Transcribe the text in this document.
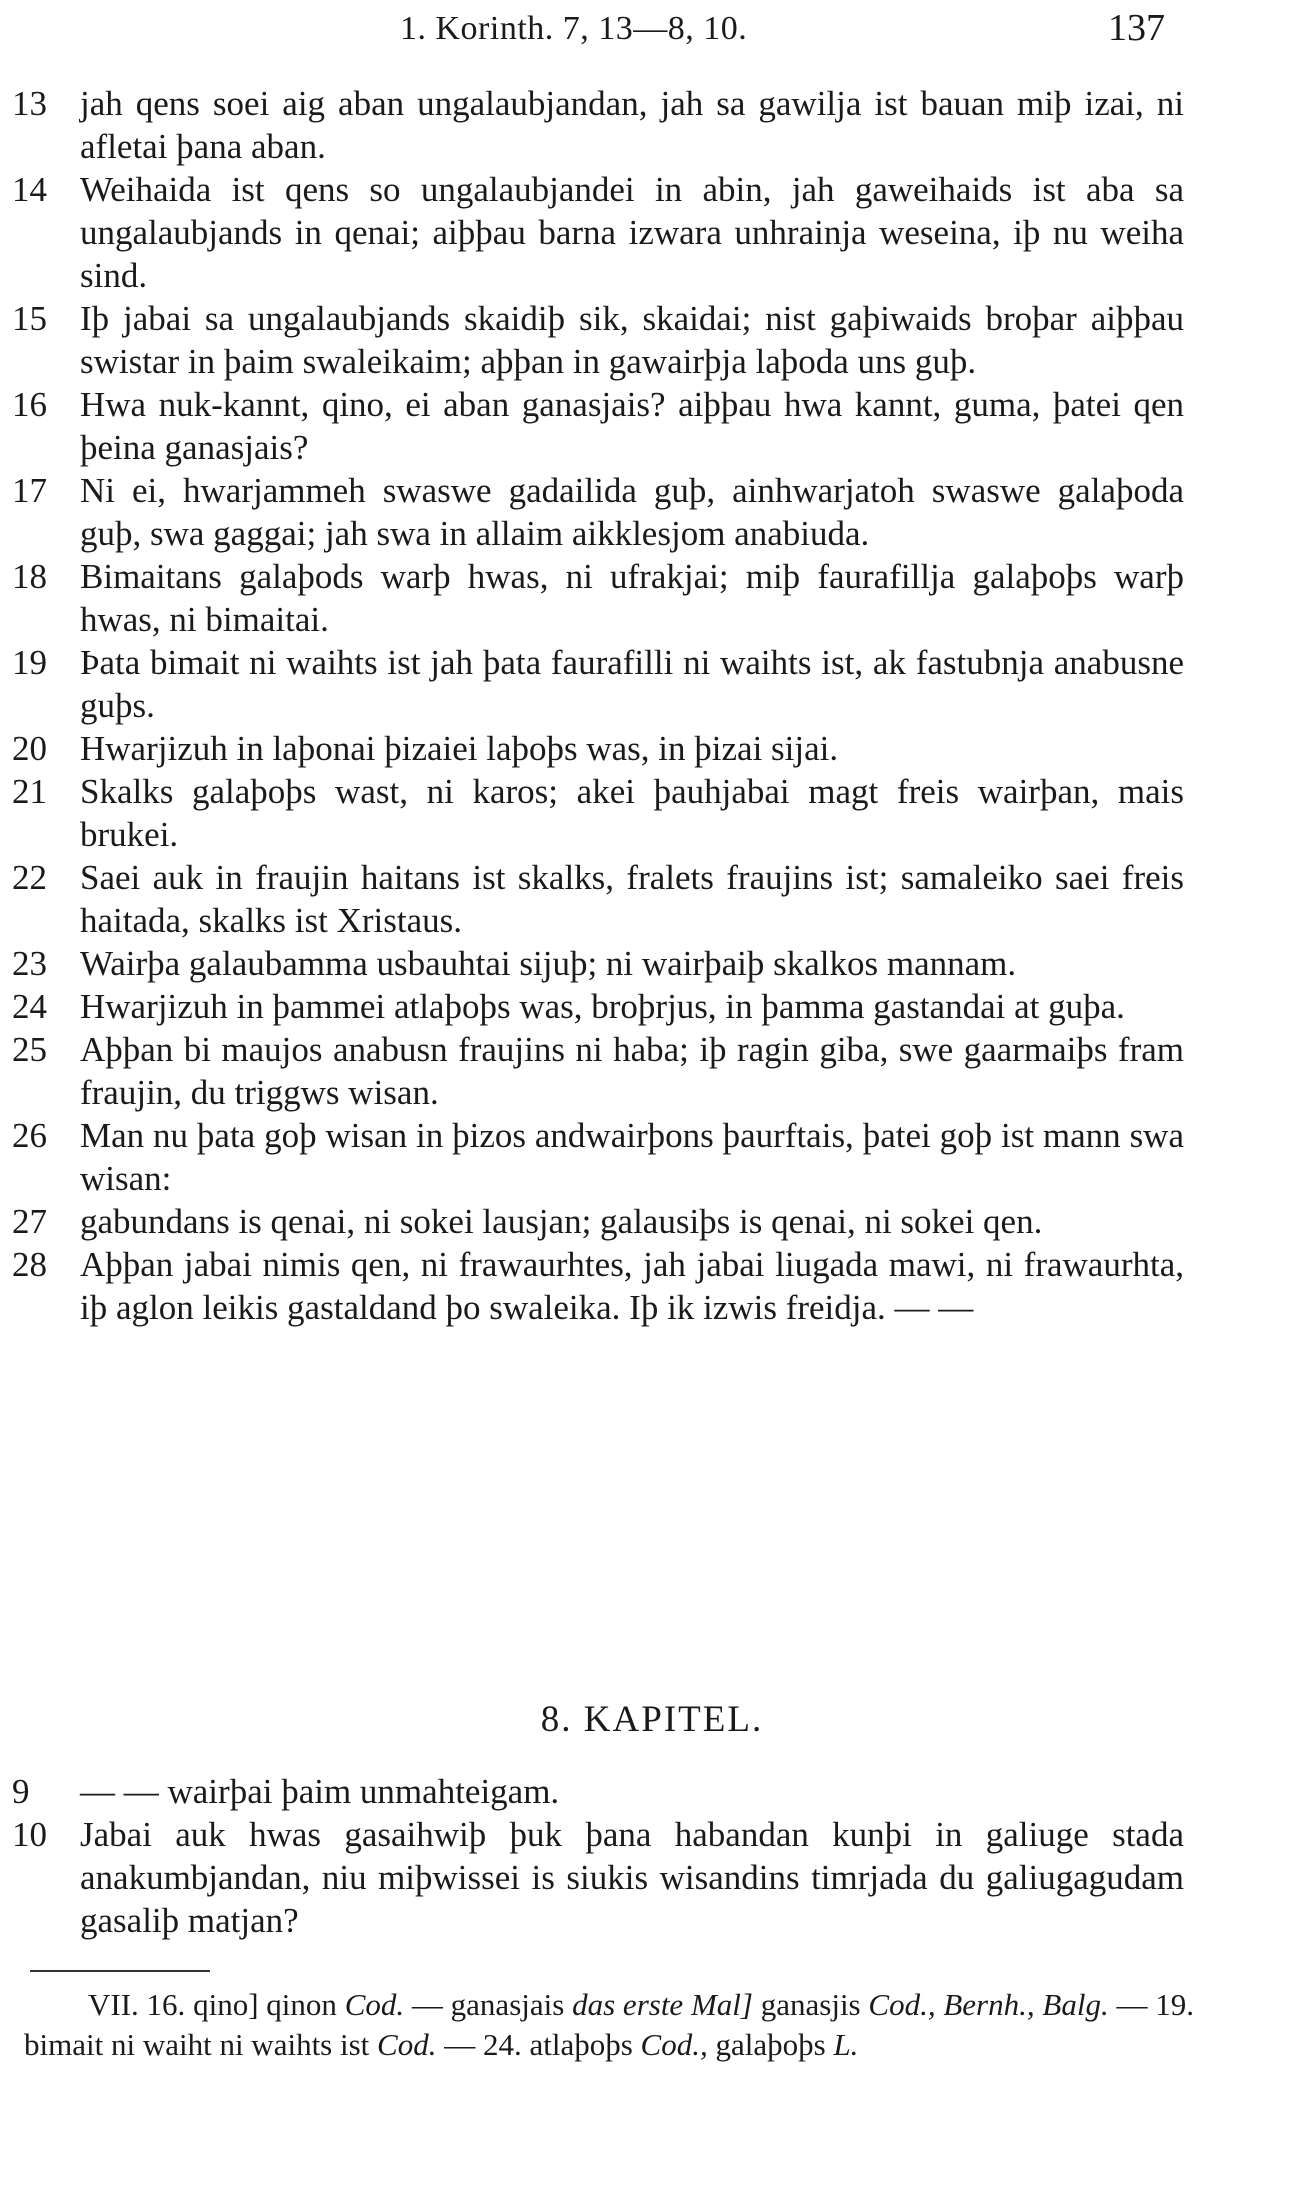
1. Korinth. 7, 13—8, 10.	137

13 jah qens soei aig aban ungalaubjandan, jah sa gawilja ist bauan miþ izai, ni afletai þana aban.

14 Weihaida ist qens so ungalaubjandei in abin, jah gaweihaids ist aba sa ungalaubjands in qenai; aiþþau barna izwara unhrainja weseina, iþ nu weiha sind.

15 Iþ jabai sa ungalaubjands skaidiþ sik, skaidai; nist gaþiwaids broþar aiþþau swistar in þaim swaleikaim; aþþan in gawairþja laþoda uns guþ.

16 Hwa nuk-kannt, qino, ei aban ganasjais? aiþþau hwa kannt, guma, þatei qen þeina ganasjais?

17 Ni ei, hwarjammeh swaswe gadailida guþ, ainhwarjatoh swaswe galaþoda guþ, swa gaggai; jah swa in allaim aikklesjom anabiuda.

18 Bimaitans galaþods warþ hwas, ni ufrakjai; miþ faurafillja galaþoþs warþ hwas, ni bimaitai.

19 Þata bimait ni waihts ist jah þata faurafilli ni waihts ist, ak fastubnja anabusne guþs.

20 Hwarjizuh in laþonai þizaiei laþoþs was, in þizai sijai.

21 Skalks galaþoþs wast, ni karos; akei þauhjabai magt freis wairþan, mais brukei.

22 Saei auk in fraujin haitans ist skalks, fralets fraujins ist; samaleiko saei freis haitada, skalks ist Xristaus.

23 Wairþa galaubamma usbauhtai sijuþ; ni wairþaiþ skalkos mannam.

24 Hwarjizuh in þammei atlaþoþs was, broþrjus, in þamma gastandai at guþa.

25 Aþþan bi maujos anabusn fraujins ni haba; iþ ragin giba, swe gaarmaiþs fram fraujin, du triggws wisan.

26 Man nu þata goþ wisan in þizos andwairþons þaurftais, þatei goþ ist mann swa wisan:

27 gabundans is qenai, ni sokei lausjan; galausiþs is qenai, ni sokei qen.

28 Aþþan jabai nimis qen, ni frawaurhtes, jah jabai liugada mawi, ni frawaurhta, iþ aglon leikis gastaldand þo swaleika. Iþ ik izwis freidja. — —

8. KAPITEL.

9	— — wairþai þaim unmahteigam.

10 Jabai auk hwas gasaihwiþ þuk þana habandan kunþi in galiuge stada anakumbjandan, niu miþwissei is siukis wisandins timrjada du galiugagudam gasaliþ matjan?

VII. 16. qino] qinon Cod. — ganasjais das erste Mal] ganasjis Cod., Bernh., Balg. — 19. bimait ni waiht ni waihts ist Cod. — 24. atlaþoþs Cod., galaþoþs L.
